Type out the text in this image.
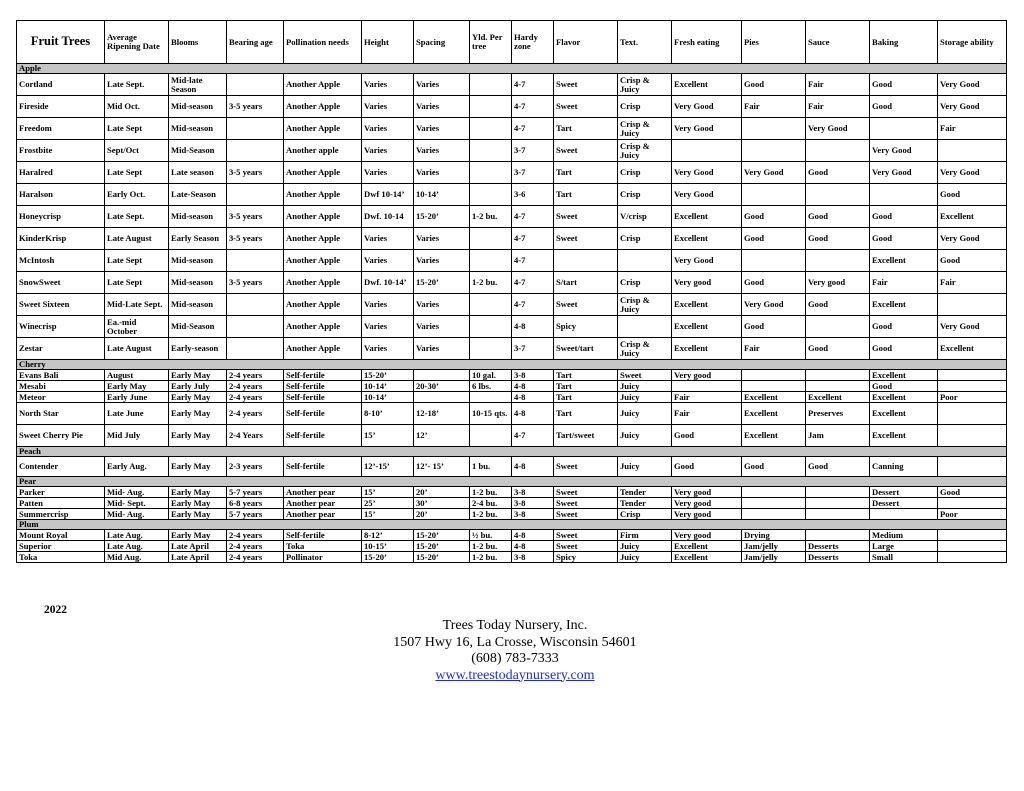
Fruit Trees	Average Ripening Date	Blooms	Bearing age	Pollination needs	Height	Spacing	Yld. Per tree	Hardy zone	Flavor	Text.	Fresh eating	Pies	Sauce	Baking	Storage ability
Apple															
Cortland	Late Sept.	Mid-late Season		Another Apple	Varies	Varies		4-7	Sweet	Crisp & Juicy	Excellent	Good	Fair	Good	Very Good
Fireside	Mid Oct.	Mid-season	3-5 years	Another Apple	Varies	Varies		4-7	Sweet	Crisp	Very Good	Fair	Fair	Good	Very Good
Freedom	Late Sept	Mid-season		Another Apple	Varies	Varies		4-7	Tart	Crisp & Juicy	Very Good		Very Good		Fair
Frostbite	Sept/Oct	Mid-Season		Another apple	Varies	Varies		3-7	Sweet	Crisp & Juicy				Very Good	
Haralred	Late Sept	Late season	3-5 years	Another Apple	Varies	Varies		3-7	Tart	Crisp	Very Good	Very Good	Good	Very Good	Very Good
Haralson	Early Oct.	Late-Season		Another Apple	Dwf 10-14’	10-14’		3-6	Tart	Crisp	Very Good				Good
Honeycrisp	Late Sept.	Mid-season	3-5 years	Another Apple	Dwf. 10-14	15-20’	1-2 bu.	4-7	Sweet	V/crisp	Excellent	Good	Good	Good	Excellent
KinderKrisp	Late August	Early Season	3-5 years	Another Apple	Varies	Varies		4-7	Sweet	Crisp	Excellent	Good	Good	Good	Very Good
McIntosh	Late Sept	Mid-season		Another Apple	Varies	Varies		4-7			Very Good			Excellent	Good
SnowSweet	Late Sept	Mid-season	3-5 years	Another Apple	Dwf. 10-14’	15-20’	1-2 bu.	4-7	S/tart	Crisp	Very good	Good	Very good	Fair	Fair
Sweet Sixteen	Mid-Late Sept.	Mid-season		Another Apple	Varies	Varies		4-7	Sweet	Crisp & Juicy	Excellent	Very Good	Good	Excellent	
Winecrisp	Ea.-mid October	Mid-Season		Another Apple	Varies	Varies		4-8	Spicy		Excellent	Good		Good	Very Good
Zestar	Late August	Early-season		Another Apple	Varies	Varies		3-7	Sweet/tart	Crisp & Juicy	Excellent	Fair	Good	Good	Excellent
Cherry															
Evans Bali	August	Early May	2-4 years	Self-fertile	15-20’		10 gal.	3-8	Tart	Sweet	Very good			Excellent	
Mesabi	Early May	Early July	2-4 years	Self-fertile	10-14’	20-30’	6 lbs.	4-8	Tart	Juicy				Good	
Meteor	Early June	Early May	2-4 years	Self-fertile	10-14’			4-8	Tart	Juicy	Fair	Excellent	Excellent	Excellent	Poor
North Star	Late June	Early May	2-4 years	Self-fertile	8-10’	12-18’	10-15 qts.	4-8	Tart	Juicy	Fair	Excellent	Preserves	Excellent	
Sweet Cherry Pie	Mid July	Early May	2-4 Years	Self-fertile	15’	12’		4-7	Tart/sweet	Juicy	Good	Excellent	Jam	Excellent	
Peach															
Contender	Early Aug.	Early May	2-3 years	Self-fertile	12’-15’	12’- 15’	1 bu.	4-8	Sweet	Juicy	Good	Good	Good	Canning	
Pear															
Parker	Mid- Aug.	Early May	5-7 years	Another pear	15’	20’	1-2 bu.	3-8	Sweet	Tender	Very good			Dessert	Good
Patten	Mid- Sept.	Early May	6-8 years	Another pear	25’	30’	2-4 bu.	3-8	Sweet	Tender	Very good			Dessert	
Summercrisp	Mid- Aug.	Early May	5-7 years	Another pear	15’	20’	1-2 bu.	3-8	Sweet	Crisp	Very good				Poor
Plum															
Mount Royal	Late Aug.	Early May	2-4 years	Self-fertile	8-12’	15-20’	½ bu.	4-8	Sweet	Firm	Very good	Drying		Medium	
Superior	Late Aug.	Late April	2-4 years	Toka	10-15’	15-20’	1-2 bu.	4-8	Sweet	Juicy	Excellent	Jam/jelly	Desserts	Large	
Toka	Mid Aug.	Late April	2-4 years	Pollinator	15-20’	15-20’	1-2 bu.	3-8	Spicy	Juicy	Excellent	Jam/jelly	Desserts	Small	
2022
Trees Today Nursery, Inc.
1507 Hwy 16, La Crosse, Wisconsin 54601
(608) 783-7333
www.treestodaynursery.com
